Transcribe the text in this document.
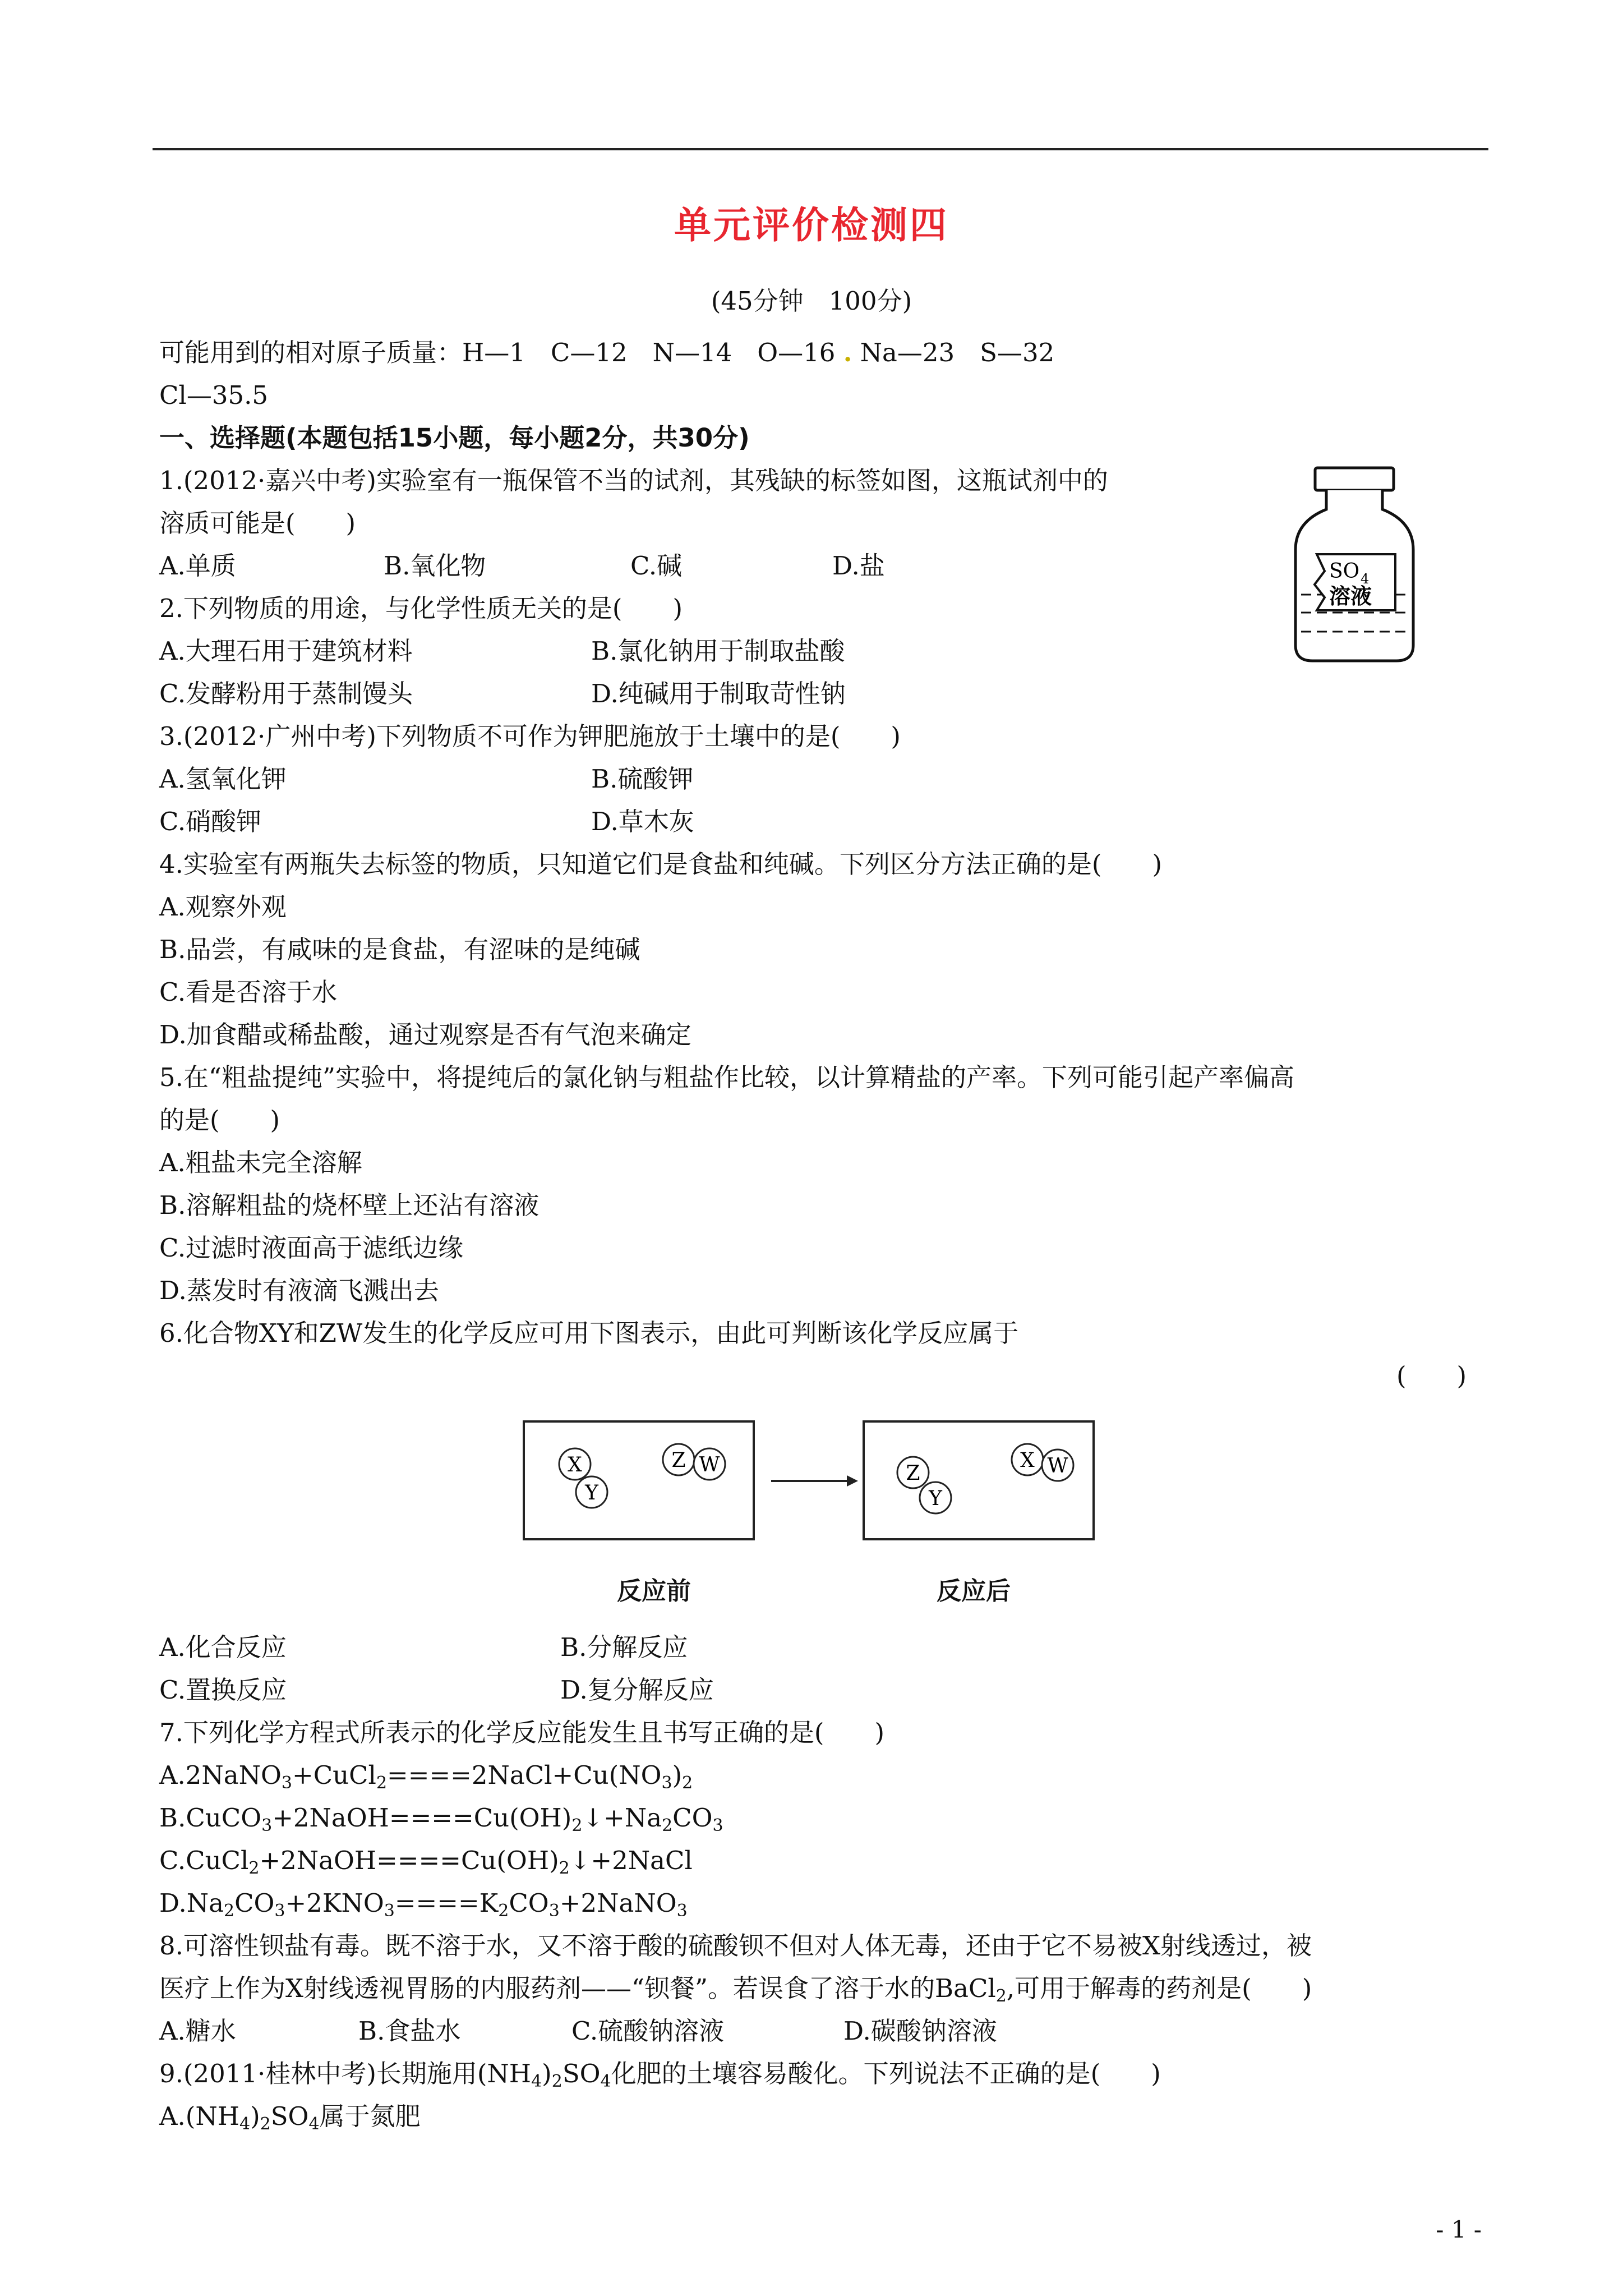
单元评价检测四
(45分钟　100分)
可能用到的相对原子质量：H—1　C—12　N—14　O—16 . Na—23　S—32
Cl—35.5
一、选择题(本题包括15小题，每小题2分，共30分)
1.(2012·嘉兴中考)实验室有一瓶保管不当的试剂，其残缺的标签如图，这瓶试剂中的
溶质可能是(　　)
A.单质	B.氧化物	C.碱	D.盐	SO 4
溶液
2.下列物质的用途，与化学性质无关的是(　　)
A.大理石用于建筑材料	B.氯化钠用于制取盐酸
C.发酵粉用于蒸制馒头	D.纯碱用于制取苛性钠
3.(2012·广州中考)下列物质不可作为钾肥施放于土壤中的是(　　)
A.氢氧化钾	B.硫酸钾
C.硝酸钾	D.草木灰
4.实验室有两瓶失去标签的物质，只知道它们是食盐和纯碱。下列区分方法正确的是(　　)
A.观察外观
B.品尝，有咸味的是食盐，有涩味的是纯碱
C.看是否溶于水
D.加食醋或稀盐酸，通过观察是否有气泡来确定
5.在“粗盐提纯”实验中，将提纯后的氯化钠与粗盐作比较，以计算精盐的产率。下列可能引起产率偏高
的是(　　)
A.粗盐未完全溶解
B.溶解粗盐的烧杯壁上还沾有溶液
C.过滤时液面高于滤纸边缘
D.蒸发时有液滴飞溅出去
6.化合物XY和ZW发生的化学反应可用下图表示，由此可判断该化学反应属于
(　　)
X
Y
Z W	Z
Y
X W
反应前	反应后
A.化合反应	B.分解反应
C.置换反应	D.复分解反应
7.下列化学方程式所表示的化学反应能发生且书写正确的是(　　)
$A.2NaNO_3+CuCl_2====2NaCl+Cu(NO_3)_2$
$B.CuCO_3+2NaOH====Cu(OH)_2↓+Na_2CO_3$
$C.CuCl_2+2NaOH====Cu(OH)_2↓+2NaCl$
$D.Na_2CO_3+2KNO_3====K_2CO_3+2NaNO_3$
8.可溶性钡盐有毒。既不溶于水，又不溶于酸的硫酸钡不但对人体无毒，还由于它不易被X射线透过，被
医疗上作为X射线透视胃肠的内服药剂——“钡餐”。若误食了溶于水的BaCl$_2$,可用于解毒的药剂是(　　)
A.糖水	B.食盐水	C.硫酸钠溶液	D.碳酸钠溶液
9.(2011·桂林中考)长期施用$(NH_4)_2SO_4$化肥的土壤容易酸化。下列说法不正确的是(　　)
$A.(NH_4)_2SO_4$属于氮肥
- 1 -
